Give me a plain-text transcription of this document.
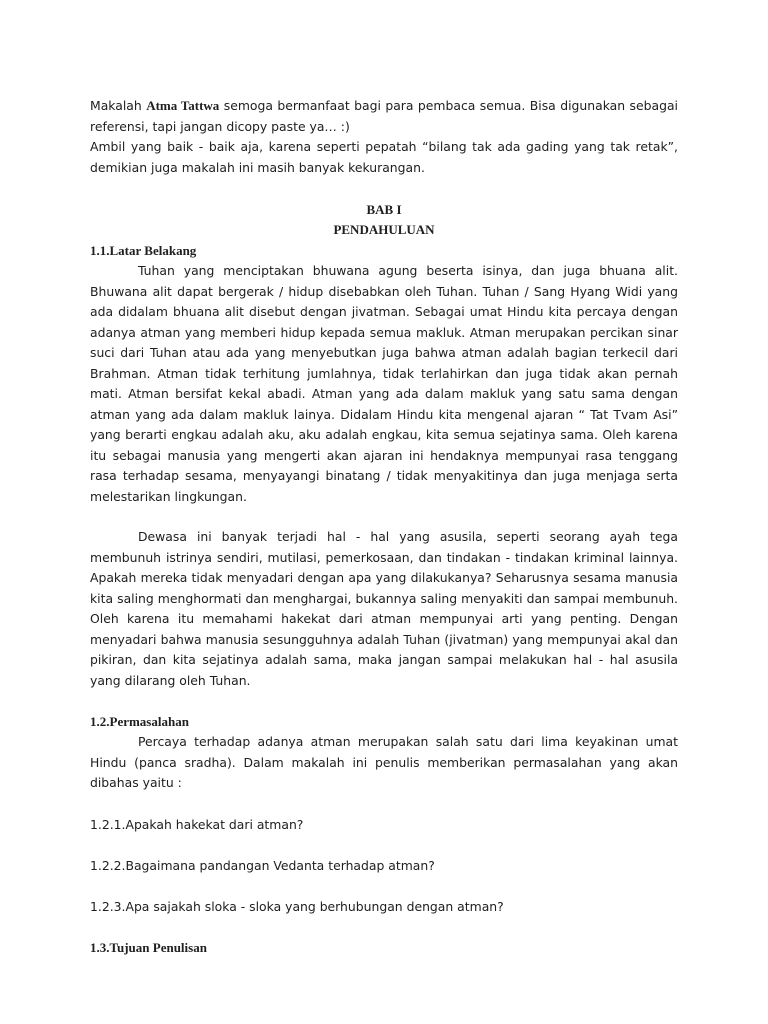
Makalah Atma Tattwa semoga bermanfaat bagi para pembaca semua. Bisa digunakan sebagai referensi, tapi jangan dicopy paste ya… :)

Ambil yang baik - baik aja, karena seperti pepatah “bilang tak ada gading yang tak retak”, demikian juga makalah ini masih banyak kekurangan.

BAB I
PENDAHULUAN
1.1.Latar Belakang

Tuhan yang menciptakan bhuwana agung beserta isinya, dan juga bhuana alit. Bhuwana alit dapat bergerak / hidup disebabkan oleh Tuhan. Tuhan / Sang Hyang Widi yang ada didalam bhuana alit disebut dengan jivatman. Sebagai umat Hindu kita percaya dengan adanya atman yang memberi hidup kepada semua makluk. Atman merupakan percikan sinar suci dari Tuhan atau ada yang menyebutkan juga bahwa atman adalah bagian terkecil dari Brahman. Atman tidak terhitung jumlahnya, tidak terlahirkan dan juga tidak akan pernah mati. Atman bersifat kekal abadi. Atman yang ada dalam makluk yang satu sama dengan atman yang ada dalam makluk lainya. Didalam Hindu kita mengenal ajaran “ Tat Tvam Asi” yang berarti engkau adalah aku, aku adalah engkau, kita semua sejatinya sama. Oleh karena itu sebagai manusia yang mengerti akan ajaran ini hendaknya mempunyai rasa tenggang rasa terhadap sesama, menyayangi binatang / tidak menyakitinya dan juga menjaga serta melestarikan lingkungan.

Dewasa ini banyak terjadi hal - hal yang asusila, seperti seorang ayah tega membunuh istrinya sendiri, mutilasi, pemerkosaan, dan tindakan - tindakan kriminal lainnya. Apakah mereka tidak menyadari dengan apa yang dilakukanya? Seharusnya sesama manusia kita saling menghormati dan menghargai, bukannya saling menyakiti dan sampai membunuh. Oleh karena itu memahami hakekat dari atman mempunyai arti yang penting. Dengan menyadari bahwa manusia sesungguhnya adalah Tuhan (jivatman) yang mempunyai akal dan pikiran, dan kita sejatinya adalah sama, maka jangan sampai melakukan hal - hal asusila yang dilarang oleh Tuhan.

1.2.Permasalahan

Percaya terhadap adanya atman merupakan salah satu dari lima keyakinan umat Hindu (panca sradha). Dalam makalah ini penulis memberikan permasalahan yang akan dibahas yaitu :

1.2.1.Apakah hakekat dari atman?

1.2.2.Bagaimana pandangan Vedanta terhadap atman?

1.2.3.Apa sajakah sloka - sloka yang berhubungan dengan atman?

1.3.Tujuan Penulisan
